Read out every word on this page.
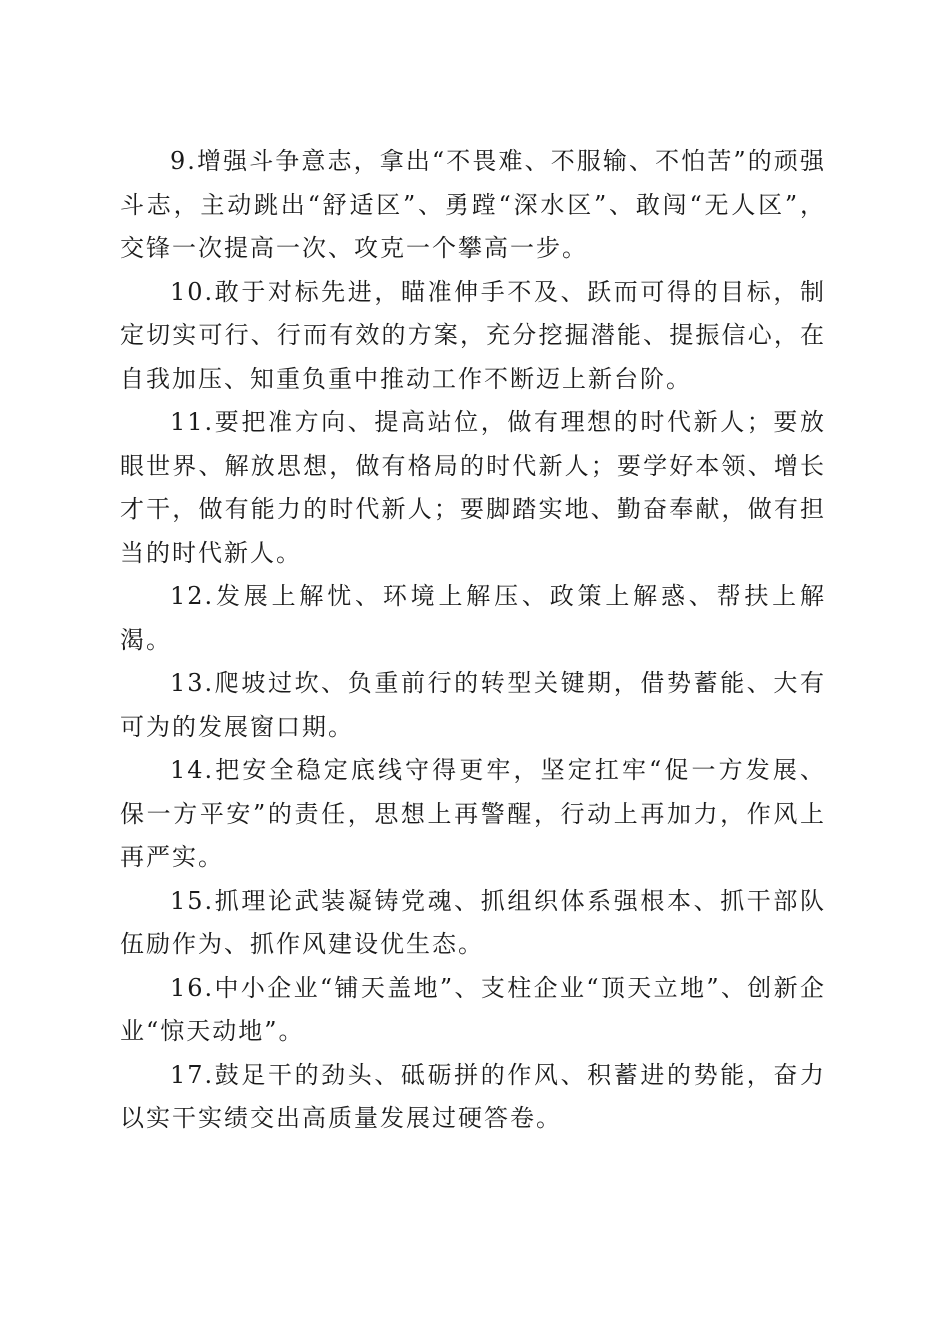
9.增强斗争意志，拿出“不畏难、不服输、不怕苦”的顽强斗志，主动跳出“舒适区”、勇蹚“深水区”、敢闯“无人区”，交锋一次提高一次、攻克一个攀高一步。

10.敢于对标先进，瞄准伸手不及、跃而可得的目标，制定切实可行、行而有效的方案，充分挖掘潜能、提振信心，在自我加压、知重负重中推动工作不断迈上新台阶。

11.要把准方向、提高站位，做有理想的时代新人；要放眼世界、解放思想，做有格局的时代新人；要学好本领、增长才干，做有能力的时代新人；要脚踏实地、勤奋奉献，做有担当的时代新人。

12.发展上解忧、环境上解压、政策上解惑、帮扶上解渴。

13.爬坡过坎、负重前行的转型关键期，借势蓄能、大有可为的发展窗口期。

14.把安全稳定底线守得更牢，坚定扛牢“促一方发展、保一方平安”的责任，思想上再警醒，行动上再加力，作风上再严实。

15.抓理论武装凝铸党魂、抓组织体系强根本、抓干部队伍励作为、抓作风建设优生态。

16.中小企业“铺天盖地”、支柱企业“顶天立地”、创新企业“惊天动地”。

17.鼓足干的劲头、砥砺拼的作风、积蓄进的势能，奋力以实干实绩交出高质量发展过硬答卷。
